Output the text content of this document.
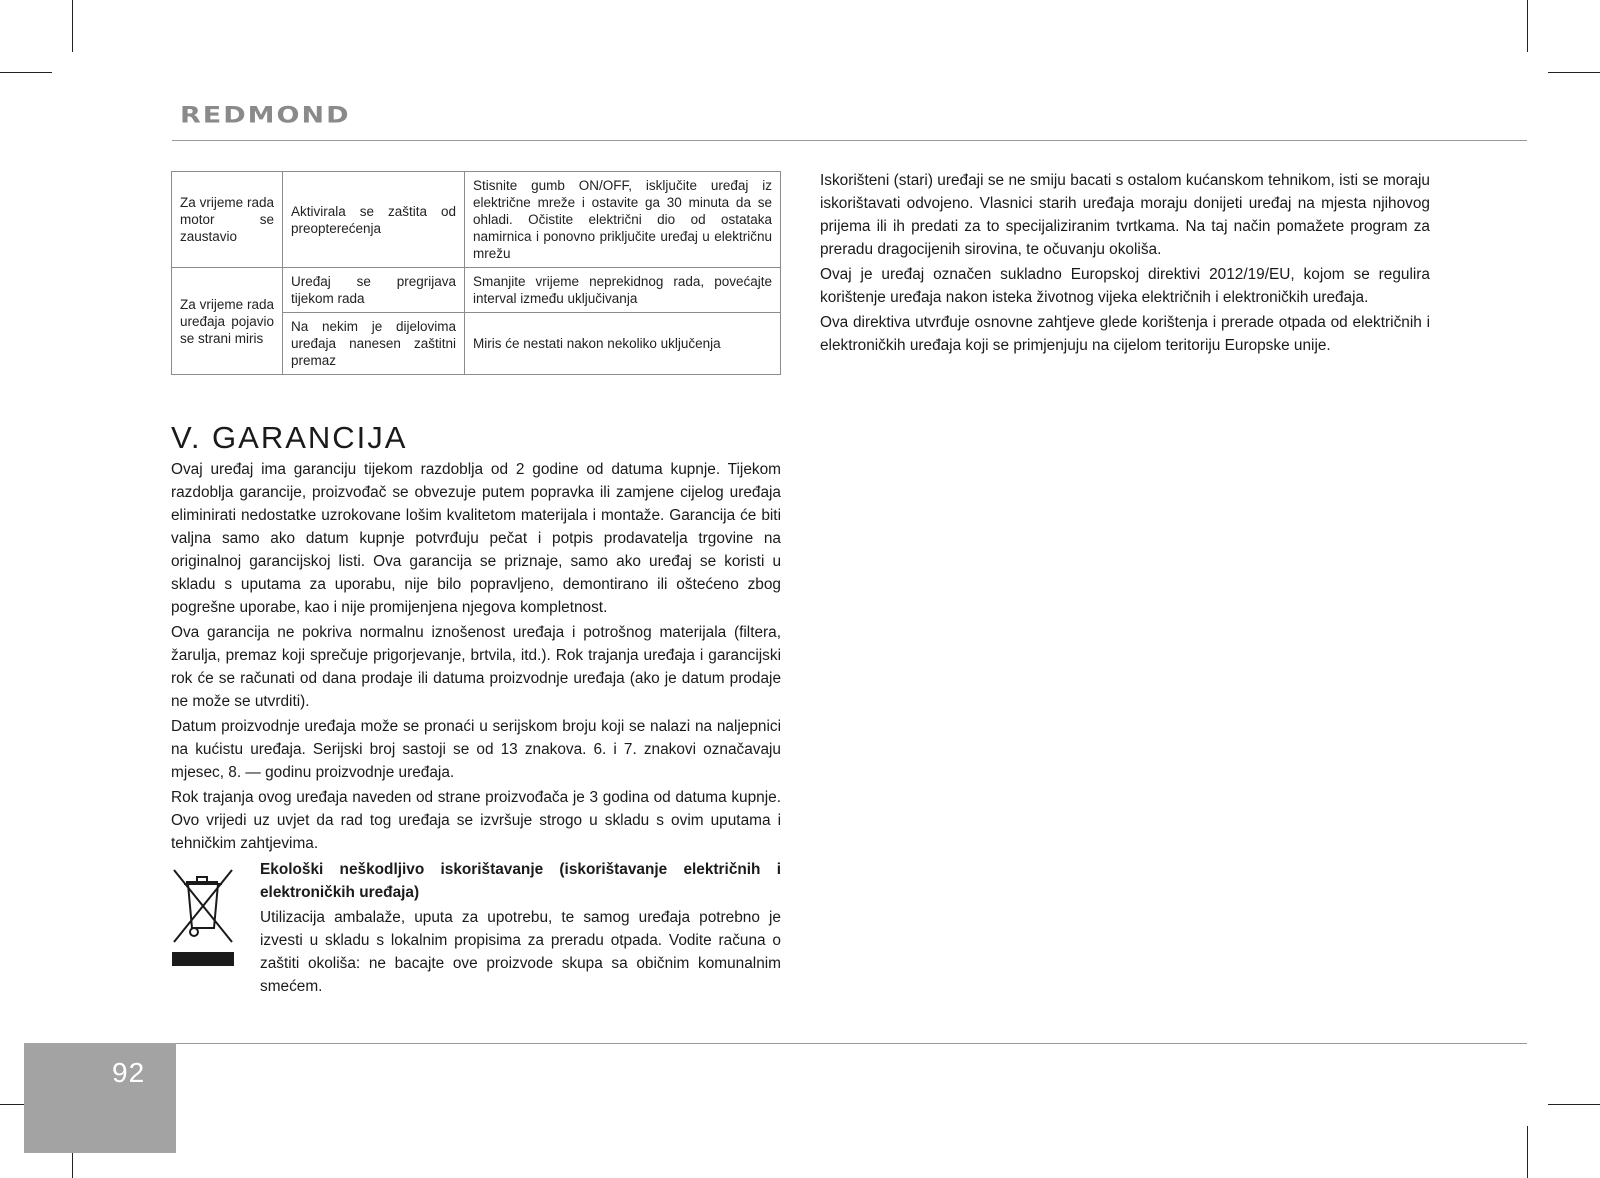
REDMOND
Za vrijeme rada motor se zaustavio	Aktivirala se zaštita od preopterećenja	Stisnite gumb ON/OFF, isključite uređaj iz električne mreže i ostavite ga 30 minuta da se ohladi. Očistite električni dio od ostataka namirnica i ponovno priključite uređaj u električnu mrežu
Za vrijeme rada uređaja pojavio se strani miris	Uređaj se pregrijava tijekom rada	Smanjite vrijeme neprekidnog rada, povećajte interval između uključivanja
	Na nekim je dijelovima uređaja nanesen zaštitni premaz	Miris će nestati nakon nekoliko uključenja
V. GARANCIJA

Ovaj uređaj ima garanciju tijekom razdoblja od 2 godine od datuma kupnje. Tijekom razdoblja garancije, proizvođač se obvezuje putem popravka ili zamjene cijelog uređaja eliminirati nedostatke uzrokovane lošim kvalitetom materijala i montaže. Garancija će biti valjna samo ako datum kupnje potvrđuju pečat i potpis prodavatelja trgovine na originalnoj garancijskoj listi. Ova garancija se priznaje, samo ako uređaj se koristi u skladu s uputama za uporabu, nije bilo popravljeno, demontirano ili oštećeno zbog pogrešne uporabe, kao i nije promijenjena njegova kompletnost.

Ova garancija ne pokriva normalnu iznošenost uređaja i potrošnog materijala (filtera, žarulja, premaz koji sprečuje prigorjevanje, brtvila, itd.). Rok trajanja uređaja i garancijski rok će se računati od dana prodaje ili datuma proizvodnje uređaja (ako je datum prodaje ne može se utvrditi).

Datum proizvodnje uređaja može se pronaći u serijskom broju koji se nalazi na naljepnici na kućistu uređaja. Serijski broj sastoji se od 13 znakova. 6. i 7. znakovi označavaju mjesec, 8. — godinu proizvodnje uređaja.

Rok trajanja ovog uređaja naveden od strane proizvođača je 3 godina od datuma kupnje. Ovo vrijedi uz uvjet da rad tog uređaja se izvršuje strogo u skladu s ovim uputama i tehničkim zahtjevima.

Ekološki neškodljivo iskorištavanje (iskorištavanje električnih i elektroničkih uređaja)

Utilizacija ambalaže, uputa za upotrebu, te samog uređaja potrebno je izvesti u skladu s lokalnim propisima za preradu otpada. Vodite računa o zaštiti okoliša: ne bacajte ove proizvode skupa sa običnim komunalnim smećem.

Iskorišteni (stari) uređaji se ne smiju bacati s ostalom kućanskom tehnikom, isti se moraju iskorištavati odvojeno. Vlasnici starih uređaja moraju donijeti uređaj na mjesta njihovog prijema ili ih predati za to specijaliziranim tvrtkama. Na taj način pomažete program za preradu dragocijenih sirovina, te očuvanju okoliša.

Ovaj je uređaj označen sukladno Europskoj direktivi 2012/19/EU, kojom se regulira korištenje uređaja nakon isteka životnog vijeka električnih i elektroničkih uređaja.

Ova direktiva utvrđuje osnovne zahtjeve glede korištenja i prerade otpada od električnih i elektroničkih uređaja koji se primjenjuju na cijelom teritoriju Europske unije.

92
